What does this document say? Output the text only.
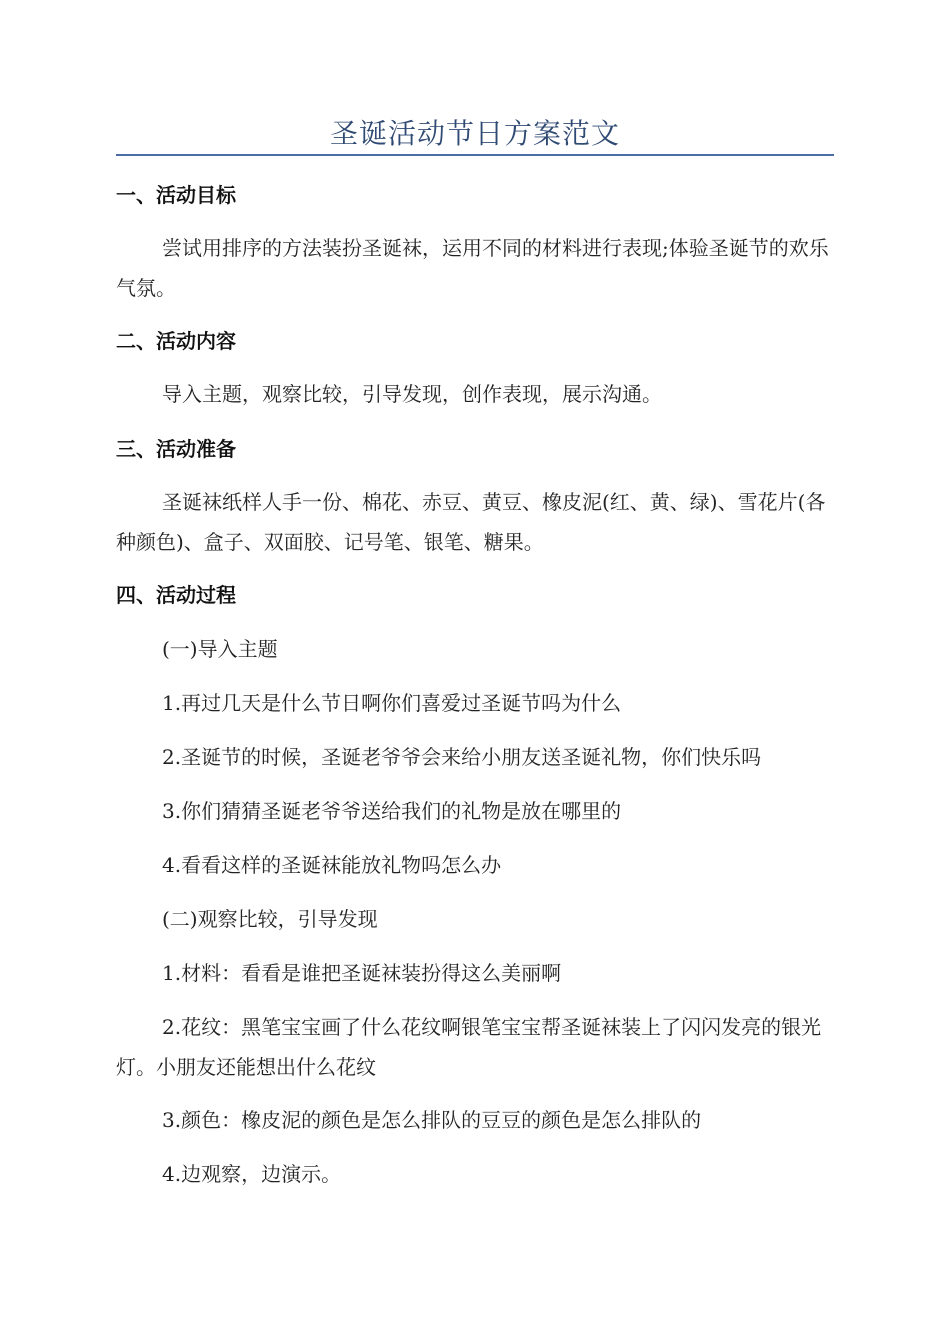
圣诞活动节日方案范文
一、活动目标
尝试用排序的方法装扮圣诞袜，运用不同的材料进行表现;体验圣诞节的欢乐气氛。
二、活动内容
导入主题，观察比较，引导发现，创作表现，展示沟通。
三、活动准备
圣诞袜纸样人手一份、棉花、赤豆、黄豆、橡皮泥(红、黄、绿)、雪花片(各种颜色)、盒子、双面胶、记号笔、银笔、糖果。
四、活动过程
(一)导入主题
1.再过几天是什么节日啊你们喜爱过圣诞节吗为什么
2.圣诞节的时候，圣诞老爷爷会来给小朋友送圣诞礼物，你们快乐吗
3.你们猜猜圣诞老爷爷送给我们的礼物是放在哪里的
4.看看这样的圣诞袜能放礼物吗怎么办
(二)观察比较，引导发现
1.材料：看看是谁把圣诞袜装扮得这么美丽啊
2.花纹：黑笔宝宝画了什么花纹啊银笔宝宝帮圣诞袜装上了闪闪发亮的银光灯。小朋友还能想出什么花纹
3.颜色：橡皮泥的颜色是怎么排队的豆豆的颜色是怎么排队的
4.边观察，边演示。
